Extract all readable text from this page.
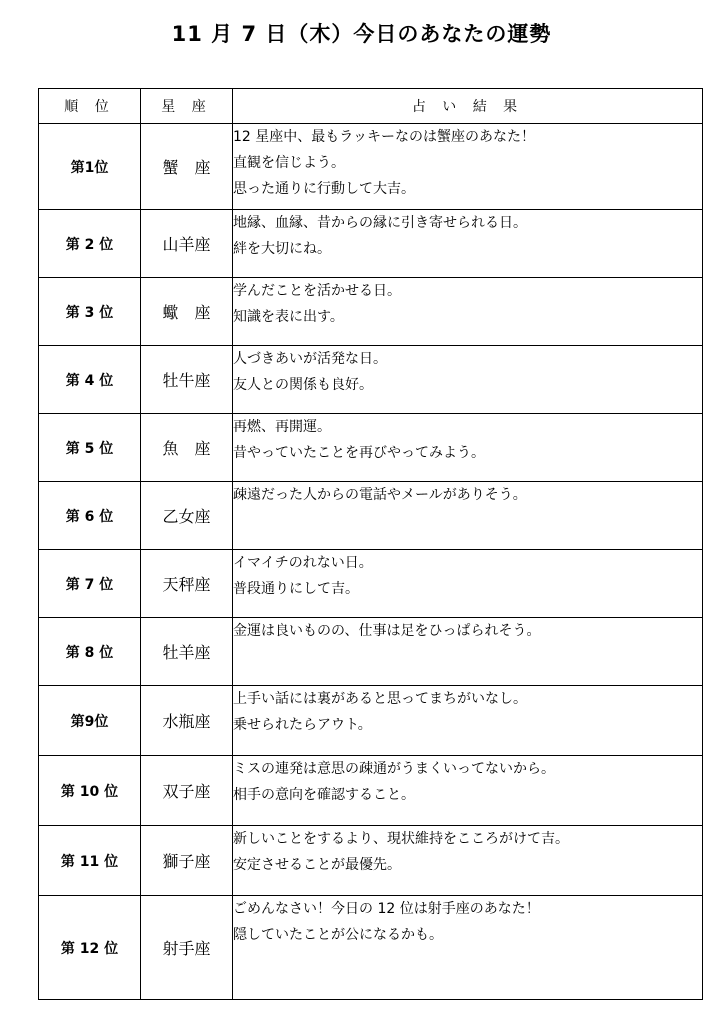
11 月 7 日（木）今日のあなたの運勢
順 位	星 座	占 い 結 果
第1位	蟹　座	12 星座中、最もラッキーなのは蟹座のあなた！
直観を信じよう。
思った通りに行動して大吉。

第 2 位	山羊座	地縁、血縁、昔からの縁に引き寄せられる日。
絆を大切にね。

第 3 位	蠍　座	学んだことを活かせる日。
知識を表に出す。

第 4 位	牡牛座	人づきあいが活発な日。
友人との関係も良好。

第 5 位	魚　座	再燃、再開運。
昔やっていたことを再びやってみよう。

第 6 位	乙女座	疎遠だった人からの電話やメールがありそう。

第 7 位	天秤座	イマイチのれない日。
普段通りにして吉。

第 8 位	牡羊座	金運は良いものの、仕事は足をひっぱられそう。

第9位	水瓶座	上手い話には裏があると思ってまちがいなし。
乗せられたらアウト。

第 10 位	双子座	ミスの連発は意思の疎通がうまくいってないから。
相手の意向を確認すること。

第 11 位	獅子座	新しいことをするより、現状維持をこころがけて吉。
安定させることが最優先。

第 12 位	射手座	ごめんなさい！今日の 12 位は射手座のあなた！
隠していたことが公になるかも。
